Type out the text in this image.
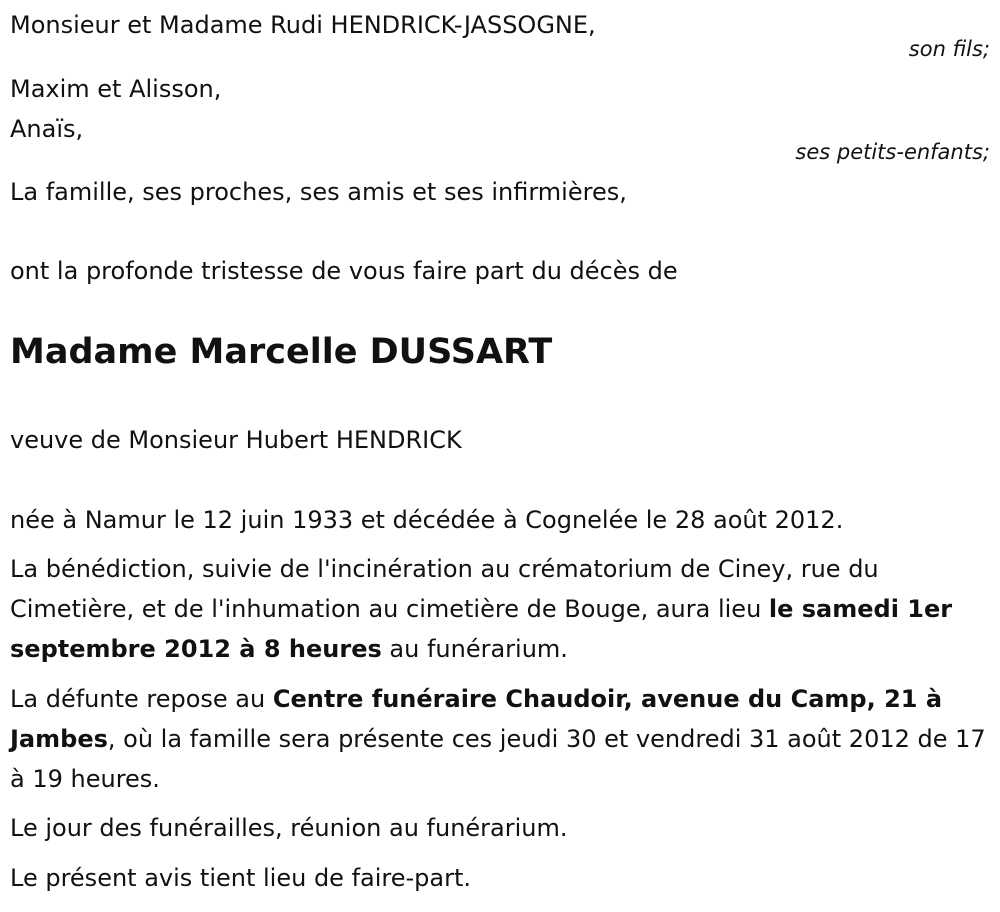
Monsieur et Madame Rudi HENDRICK-JASSOGNE,
son fils;
Maxim et Alisson,
Anaïs,
ses petits-enfants;
La famille, ses proches, ses amis et ses infirmières,
ont la profonde tristesse de vous faire part du décès de
Madame Marcelle DUSSART
veuve de Monsieur Hubert HENDRICK
née à Namur le 12 juin 1933 et décédée à Cognelée le 28 août 2012.
La bénédiction, suivie de l'incinération au crématorium de Ciney, rue du Cimetière, et de l'inhumation au cimetière de Bouge, aura lieu le samedi 1er septembre 2012 à 8 heures au funérarium.
La défunte repose au Centre funéraire Chaudoir, avenue du Camp, 21 à Jambes, où la famille sera présente ces jeudi 30 et vendredi 31 août 2012 de 17 à 19 heures.
Le jour des funérailles, réunion au funérarium.
Le présent avis tient lieu de faire-part.
